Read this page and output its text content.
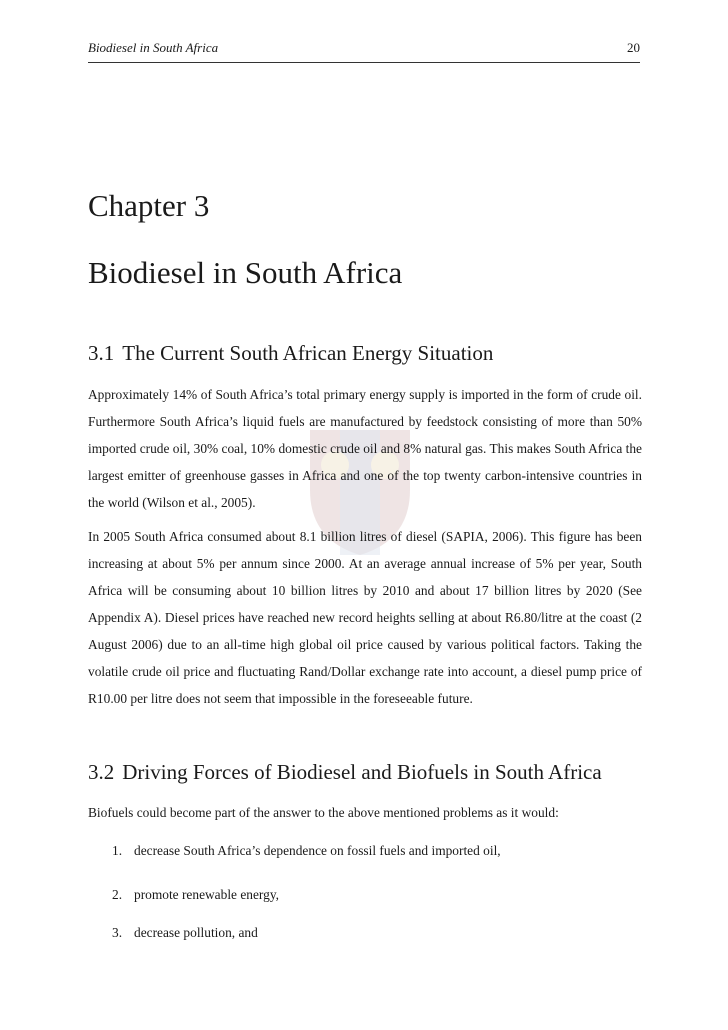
Biodiesel in South Africa	20
Chapter 3
Biodiesel in South Africa
3.1 The Current South African Energy Situation

Approximately 14% of South Africa’s total primary energy supply is imported in the form of crude oil. Furthermore South Africa’s liquid fuels are manufactured by feedstock consisting of more than 50% imported crude oil, 30% coal, 10% domestic crude oil and 8% natural gas. This makes South Africa the largest emitter of greenhouse gasses in Africa and one of the top twenty carbon-intensive countries in the world (Wilson et al., 2005).

In 2005 South Africa consumed about 8.1 billion litres of diesel (SAPIA, 2006). This figure has been increasing at about 5% per annum since 2000. At an average annual increase of 5% per year, South Africa will be consuming about 10 billion litres by 2010 and about 17 billion litres by 2020 (See Appendix A). Diesel prices have reached new record heights selling at about R6.80/litre at the coast (2 August 2006) due to an all-time high global oil price caused by various political factors. Taking the volatile crude oil price and fluctuating Rand/Dollar exchange rate into account, a diesel pump price of R10.00 per litre does not seem that impossible in the foreseeable future.

3.2 Driving Forces of Biodiesel and Biofuels in South Africa

Biofuels could become part of the answer to the above mentioned problems as it would:

1. decrease South Africa’s dependence on fossil fuels and imported oil,
2. promote renewable energy,
3. decrease pollution, and
